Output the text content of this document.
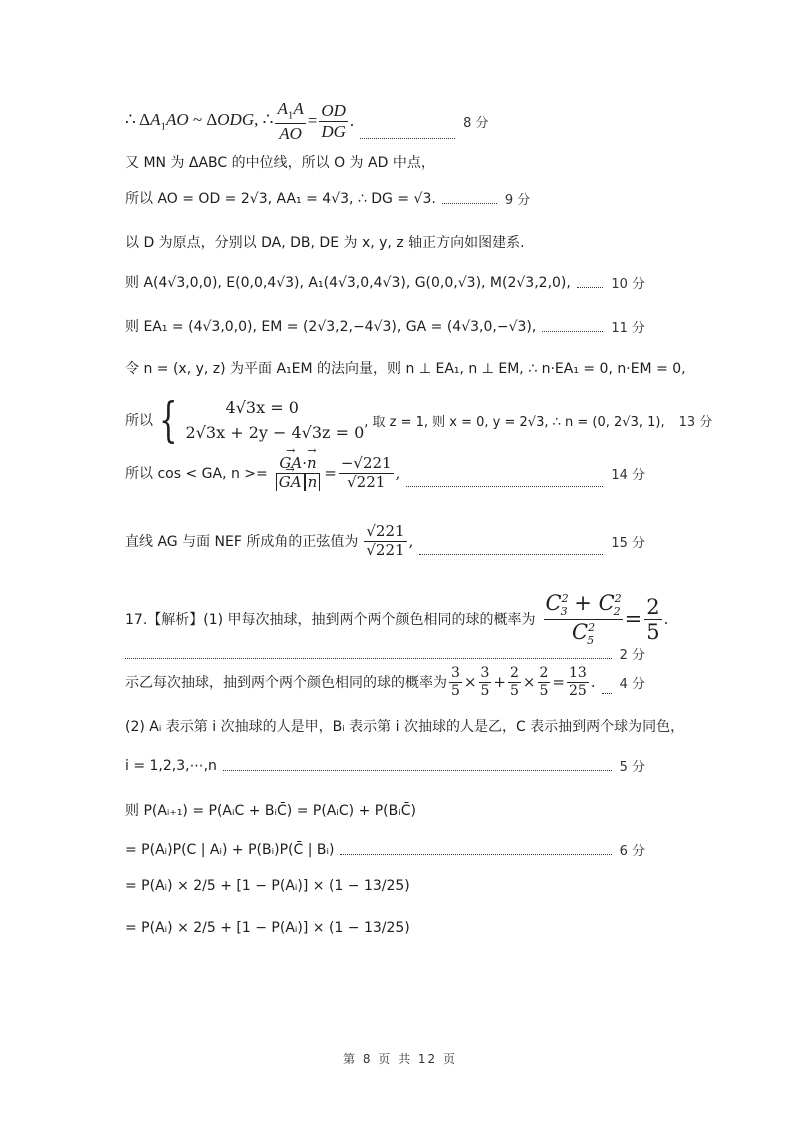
∴ $\Delta A_1AO$ ~ ΔODG, ∴ $\frac{A_1A}{AO} = \frac{OD}{DG}$ .	8 分
又 MN 为 ΔABC 的中位线，所以 O 为 AD 中点，
所以 AO = OD = 2√3, AA₁ = 4√3, ∴ DG = √3.	9 分
以 D 为原点，分别以 DA, DB, DE 为 x, y, z 轴正方向如图建系.
则 A(4√3,0,0), E(0,0,4√3), A₁(4√3,0,4√3), G(0,0,√3), M(2√3,2,0),	10 分
则 EA₁ = (4√3,0,0), EM = (2√3,2,−4√3), GA = (4√3,0,−√3),	11 分
令 n = (x, y, z) 为平面 A₁EM 的法向量，则 n ⊥ EA₁, n ⊥ EM, ∴ n·EA₁ = 0, n·EM = 0,
所以 {	4√3x = 0
2√3x + 2y − 4√3z = 0
, 取 z = 1, 则 x = 0, y = 2√3, ∴ n = (0, 2√3, 1), 13 分
所以 cos < GA, n >= → GA·→ n
→ GA $n = \frac{-√221}{√221}$ ,	14 分
直线 AG 与面 NEF 所成角的正弦值为 $\frac{√221}{√221}$ ,	15 分
17.【解析】(1) 甲每次抽球，抽到两个两个颜色相同的球的概率为 $\frac{C^2_3 + C^2_2}{C^2_5} = \frac{2}{5}$ .
2 分
示乙每次抽球，抽到两个两个颜色相同的球的概率为 $\frac{3}{5} \times \frac{3}{5} + \frac{2}{5} \times \frac{2}{5} = \frac{13}{25}$ . 4 分
(2) Aᵢ 表示第 i 次抽球的人是甲，Bᵢ 表示第 i 次抽球的人是乙，C 表示抽到两个球为同色，
i = 1,2,3,⋯,n	5 分
则 P(Aᵢ₊₁) = P(AᵢC + BᵢC̄) = P(AᵢC) + P(BᵢC̄)
= P(Aᵢ)P(C | Aᵢ) + P(Bᵢ)P(C̄ | Bᵢ)	6 分
= P(Aᵢ) × 2/5 + [1 − P(Aᵢ)] × (1 − 13/25)
= P(Aᵢ) × 2/5 + [1 − P(Aᵢ)] × (1 − 13/25)
第 8 页 共 12 页
